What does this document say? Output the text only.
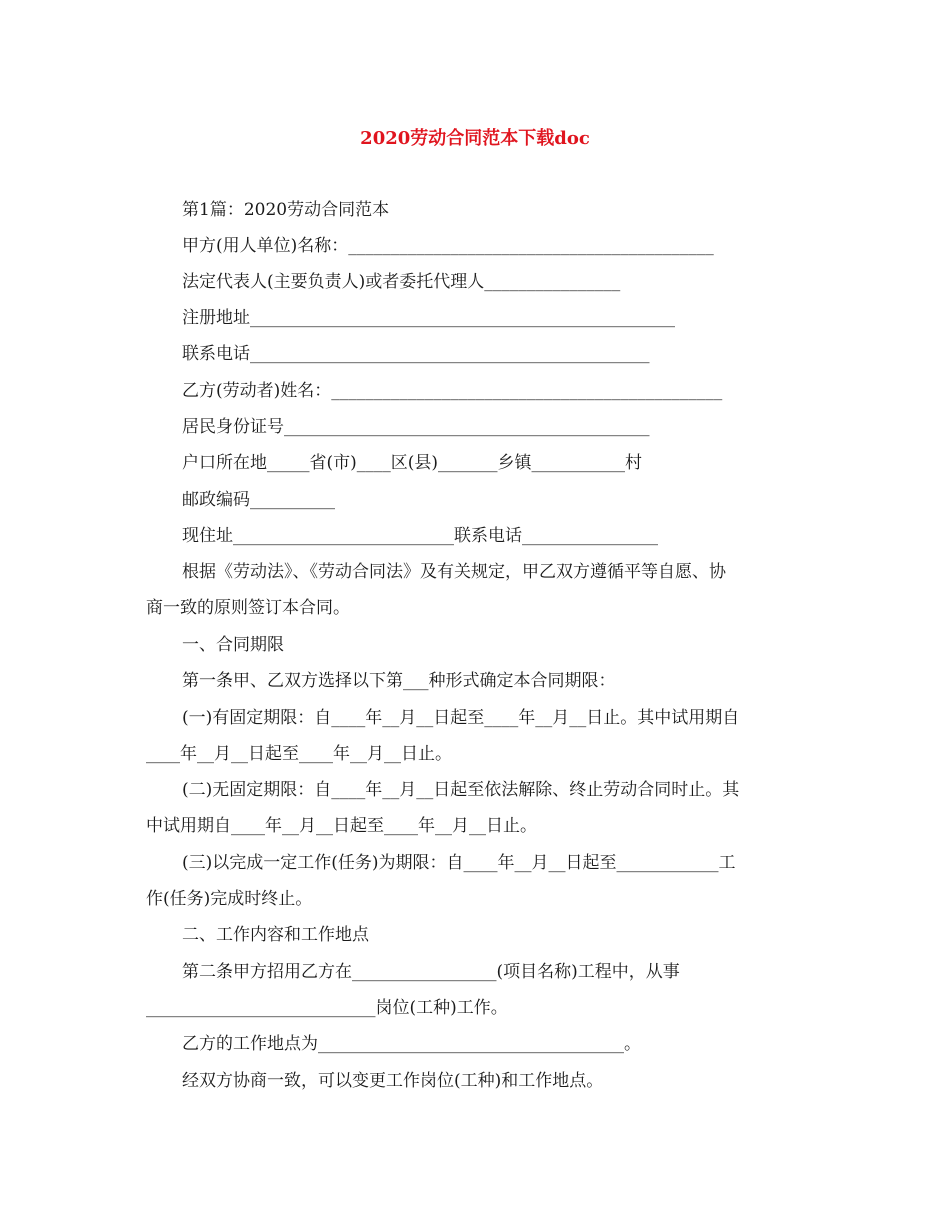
2020劳动合同范本下载doc
第1篇：2020劳动合同范本
甲方(用人单位)名称：___________________________________________
法定代表人(主要负责人)或者委托代理人________________
注册地址__________________________________________________
联系电话_______________________________________________
乙方(劳动者)姓名：______________________________________________
居民身份证号___________________________________________
户口所在地_____省(市)____区(县)_______乡镇___________村
邮政编码__________
现住址__________________________联系电话________________
根据《劳动法》、《劳动合同法》及有关规定，甲乙双方遵循平等自愿、协
商一致的原则签订本合同。
一、合同期限
第一条甲、乙双方选择以下第___种形式确定本合同期限：
(一)有固定期限：自____年__月__日起至____年__月__日止。其中试用期自
____年__月__日起至____年__月__日止。
(二)无固定期限：自____年__月__日起至依法解除、终止劳动合同时止。其
中试用期自____年__月__日起至____年__月__日止。
(三)以完成一定工作(任务)为期限：自____年__月__日起至____________工
作(任务)完成时终止。
二、工作内容和工作地点
第二条甲方招用乙方在_________________(项目名称)工程中，从事
___________________________岗位(工种)工作。
乙方的工作地点为____________________________________。
经双方协商一致，可以变更工作岗位(工种)和工作地点。
